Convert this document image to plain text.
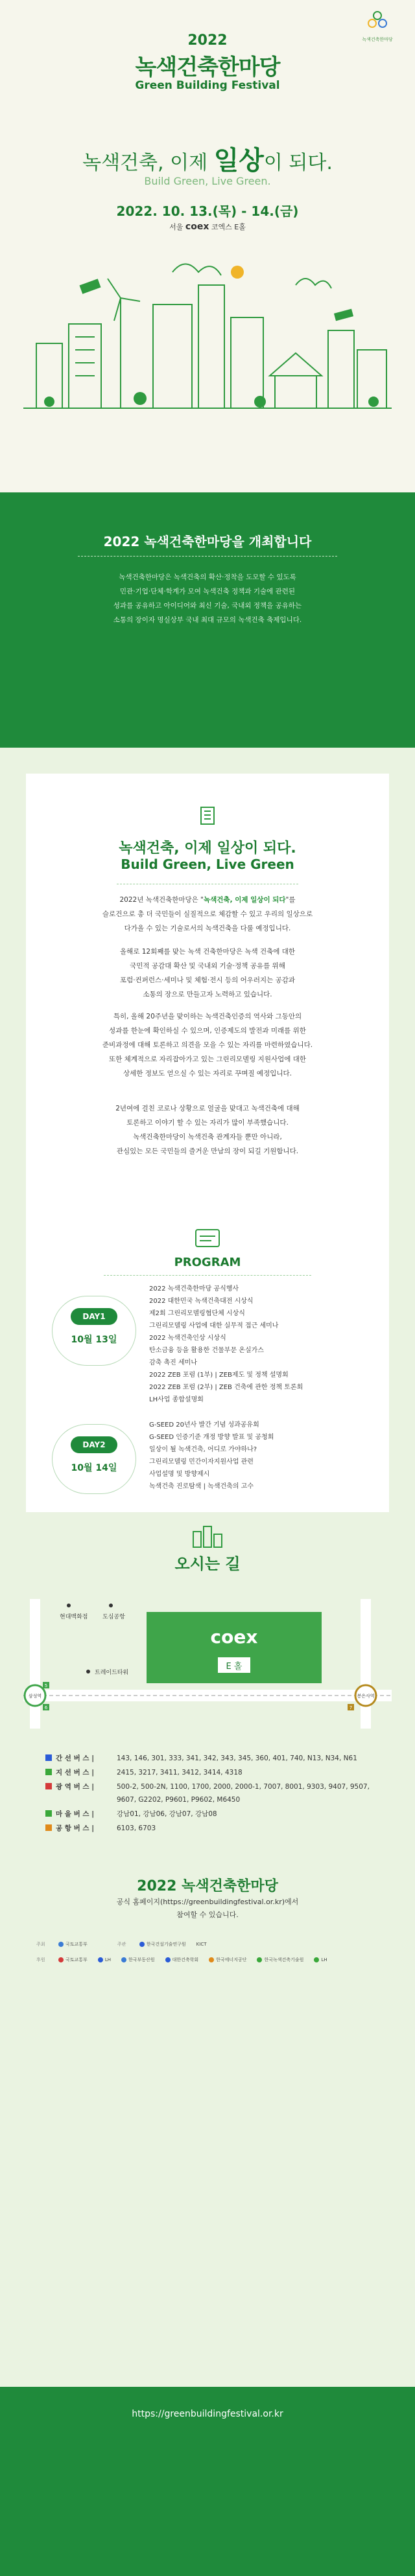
녹색건축한마당
2022
녹색건축한마당
Green Building Festival
녹색건축, 이제 일상이 되다.
Build Green, Live Green.
2022. 10. 13.(목) - 14.(금)
서울 coex 코엑스 E홀
2022 녹색건축한마당을 개최합니다
녹색건축한마당은 녹색건축의 확산·정착을 도모할 수 있도록
민관·기업·단체·학계가 모여 녹색건축 정책과 기술에 관련된
성과를 공유하고 아이디어와 최신 기술, 국내외 정책을 공유하는
소통의 장이자 명실상부 국내 최대 규모의 녹색건축 축제입니다.
녹색건축, 이제 일상이 되다.
Build Green, Live Green
2022년 녹색건축한마당은 "녹색건축, 이제 일상이 되다"를
슬로건으로 총 더 국민들이 실질적으로 체감할 수 있고 우리의 일상으로
다가올 수 있는 기술로서의 녹색건축을 다룰 예정입니다.
올해로 12회째를 맞는 녹색 건축한마당은 녹색 건축에 대한
국민적 공감대 확산 및 국내외 기술·정책 공유를 위해
포럼·컨퍼런스·세미나 및 체험·전시 등의 어우러지는 공감과
소통의 장으로 만들고자 노력하고 있습니다.
특히, 올해 20주년을 맞이하는 녹색건축인증의 역사와 그동안의
성과를 한눈에 확인하실 수 있으며, 인증제도의 발전과 미래를 위한
준비과정에 대해 토론하고 의견을 모을 수 있는 자리를 마련하였습니다.
또한 체계적으로 자리잡아가고 있는 그린리모델링 지원사업에 대한
상세한 정보도 얻으실 수 있는 자리로 꾸며질 예정입니다.
2년여에 걸친 코로나 상황으로 얼굴을 맞대고 녹색건축에 대해
토론하고 이야기 할 수 있는 자리가 많이 부족했습니다.
녹색건축한마당이 녹색건축 관계자들 뿐만 아니라,
관심있는 모든 국민들의 즐거운 만남의 장이 되길 기원합니다.
PROGRAM
DAY1
10월 13일
2022 녹색건축한마당 공식행사
2022 대한민국 녹색건축대전 시상식
제2회 그린리모델링협단체 시상식
그린리모델링 사업에 대한 실무적 접근 세미나
2022 녹색건축인상 시상식
탄소금융 등을 활용한 건물부문 온실가스
감축 촉진 세미나
2022 ZEB 포럼 (1부) | ZEB제도 및 정책 설명회
2022 ZEB 포럼 (2부) | ZEB 건축에 관한 정책 토론회
LH사업 종합설명회
DAY2
10월 14일
G-SEED 20년사 발간 기념 성과공유회
G-SEED 인증기준 개정 방향 발표 및 공청회
일상이 될 녹색건축, 어디로 가야하나?
그린리모델링 민간이자지원사업 관련
사업설명 및 방향제시
녹색건축 진로탐색 | 녹색건축의 고수
오시는 길
E 홀
coex
현대백화점	도심공항
트레이드타워
삼성역	봉은사역
5
6	7
간 선 버 스 |	143, 146, 301, 333, 341, 342, 343, 345, 360, 401, 740, N13, N34, N61
지 선 버 스 |	2415, 3217, 3411, 3412, 3414, 4318
광 역 버 스 |	500-2, 500-2N, 1100, 1700, 2000, 2000-1, 7007, 8001, 9303, 9407, 9507, 9607, G2202, P9601, P9602, M6450
마 을 버 스 |	강남01, 강남06, 강남07, 강남08
공 항 버 스 |	6103, 6703
2022 녹색건축한마당
공식 홈페이지(https://greenbuildingfestival.or.kr)에서
참여할 수 있습니다.
주최	국토교통부	주관	한국건설기술연구원 KICT
후원	국토교통부	LH	한국부동산원	대한건축학회	한국에너지공단	한국녹색건축기술원	LH
https://greenbuildingfestival.or.kr
